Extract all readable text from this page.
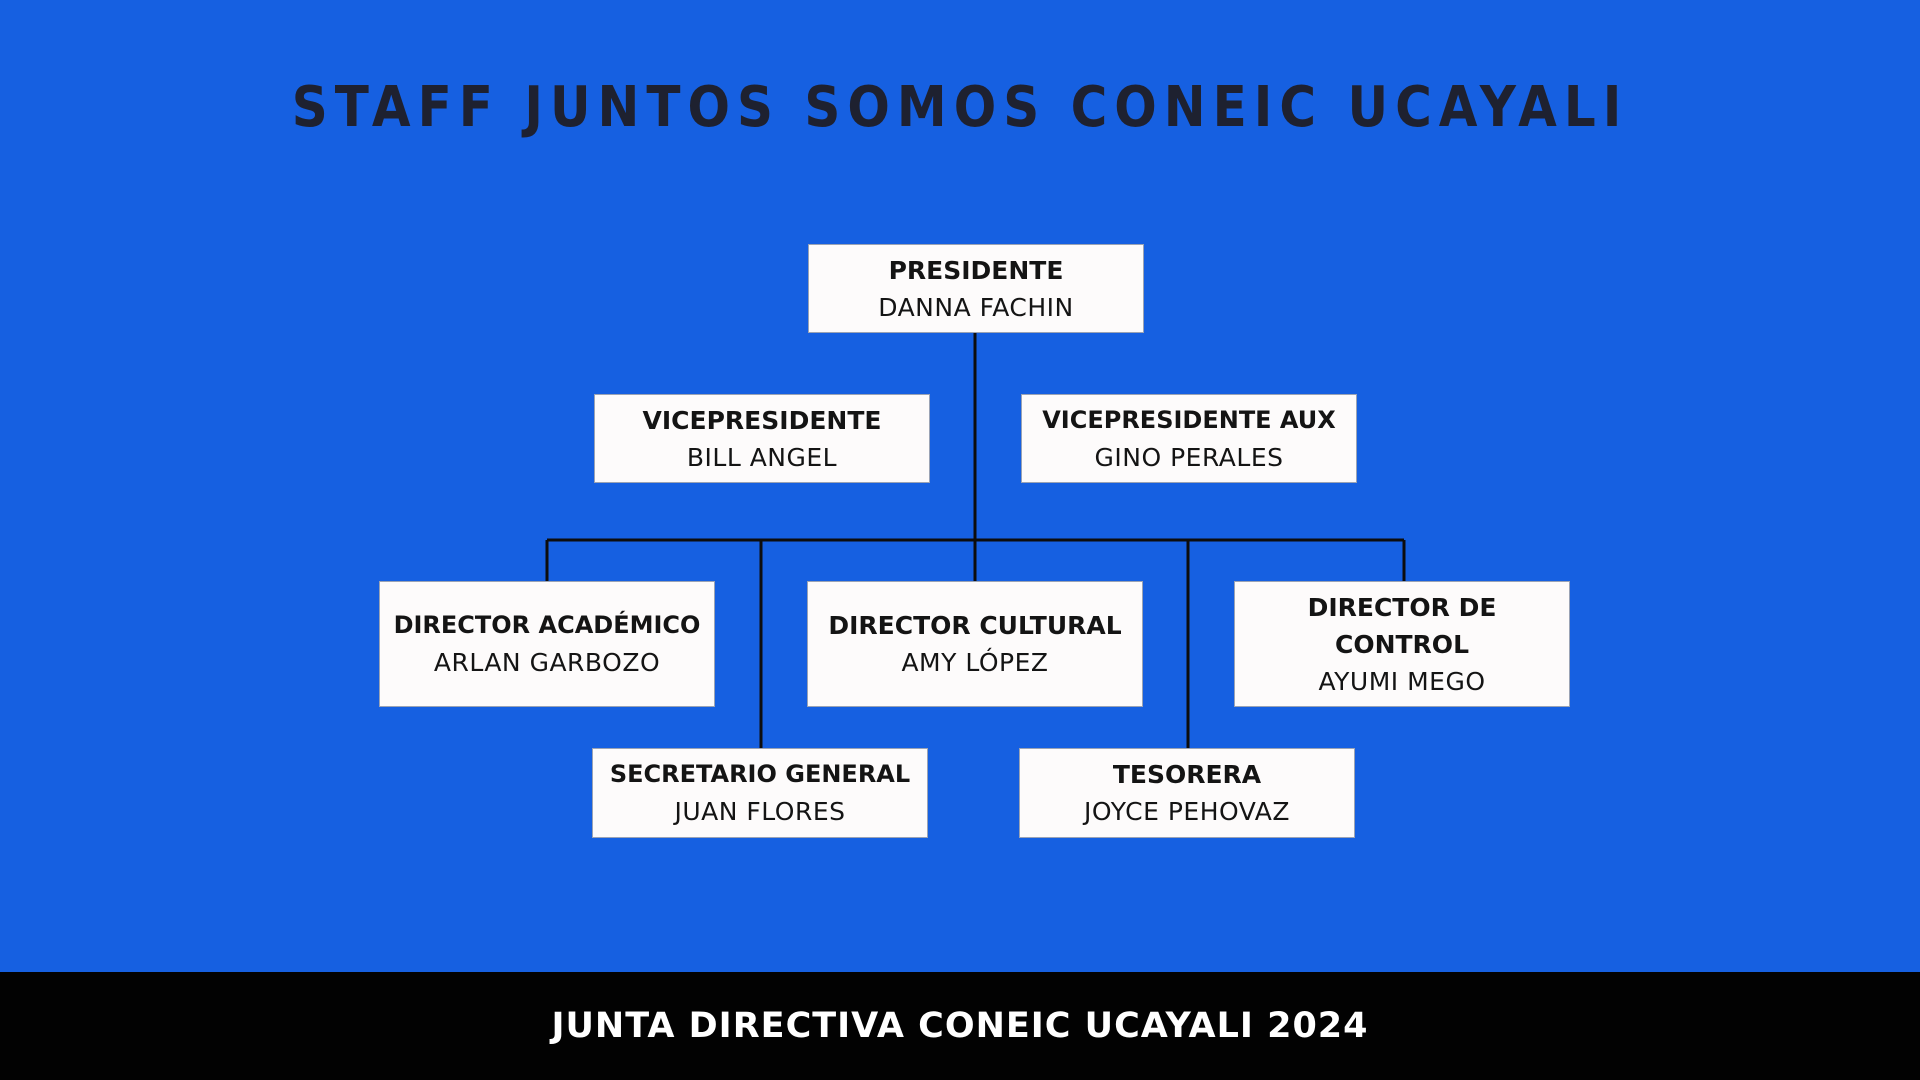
STAFF JUNTOS SOMOS CONEIC UCAYALI
PRESIDENTE
DANNA FACHIN
VICEPRESIDENTE
BILL ANGEL
VICEPRESIDENTE AUX
GINO PERALES
DIRECTOR ACADÉMICO
ARLAN GARBOZO
DIRECTOR CULTURAL
AMY LÓPEZ
DIRECTOR DE CONTROL
AYUMI MEGO
SECRETARIO GENERAL
JUAN FLORES
TESORERA
JOYCE PEHOVAZ
JUNTA DIRECTIVA CONEIC UCAYALI 2024
